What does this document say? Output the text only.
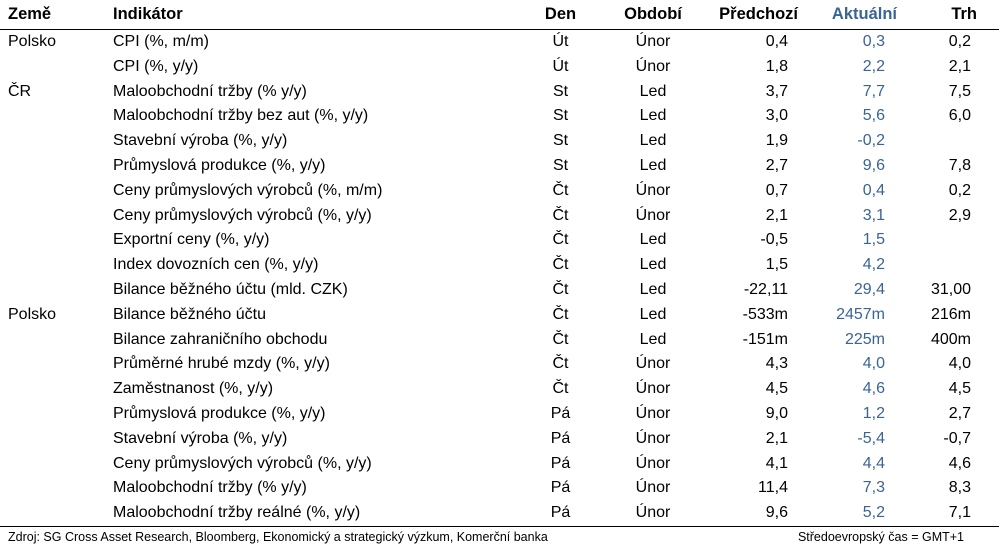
Země	Indikátor	Den	Období	Předchozí	Aktuální	Trh
Polsko	CPI (%, m/m)	Út	Únor	0,4	0,3	0,2
	CPI (%, y/y)	Út	Únor	1,8	2,2	2,1
ČR	Maloobchodní tržby (% y/y)	St	Led	3,7	7,7	7,5
	Maloobchodní tržby bez aut (%, y/y)	St	Led	3,0	5,6	6,0
	Stavební výroba (%, y/y)	St	Led	1,9	-0,2	
	Průmyslová produkce (%, y/y)	St	Led	2,7	9,6	7,8
	Ceny průmyslových výrobců (%, m/m)	Čt	Únor	0,7	0,4	0,2
	Ceny průmyslových výrobců (%, y/y)	Čt	Únor	2,1	3,1	2,9
	Exportní ceny (%, y/y)	Čt	Led	-0,5	1,5	
	Index dovozních cen (%, y/y)	Čt	Led	1,5	4,2	
	Bilance běžného účtu (mld. CZK)	Čt	Led	-22,11	29,4	31,00
Polsko	Bilance běžného účtu	Čt	Led	-533m	2457m	216m
	Bilance zahraničního obchodu	Čt	Led	-151m	225m	400m
	Průměrné hrubé mzdy (%, y/y)	Čt	Únor	4,3	4,0	4,0
	Zaměstnanost (%, y/y)	Čt	Únor	4,5	4,6	4,5
	Průmyslová produkce (%, y/y)	Pá	Únor	9,0	1,2	2,7
	Stavební výroba (%, y/y)	Pá	Únor	2,1	-5,4	-0,7
	Ceny průmyslových výrobců (%, y/y)	Pá	Únor	4,1	4,4	4,6
	Maloobchodní tržby (% y/y)	Pá	Únor	11,4	7,3	8,3
	Maloobchodní tržby reálné (%, y/y)	Pá	Únor	9,6	5,2	7,1
Zdroj: SG Cross Asset Research, Bloomberg, Ekonomický a strategický výzkum, Komerční banka	Středoevropský čas = GMT+1
